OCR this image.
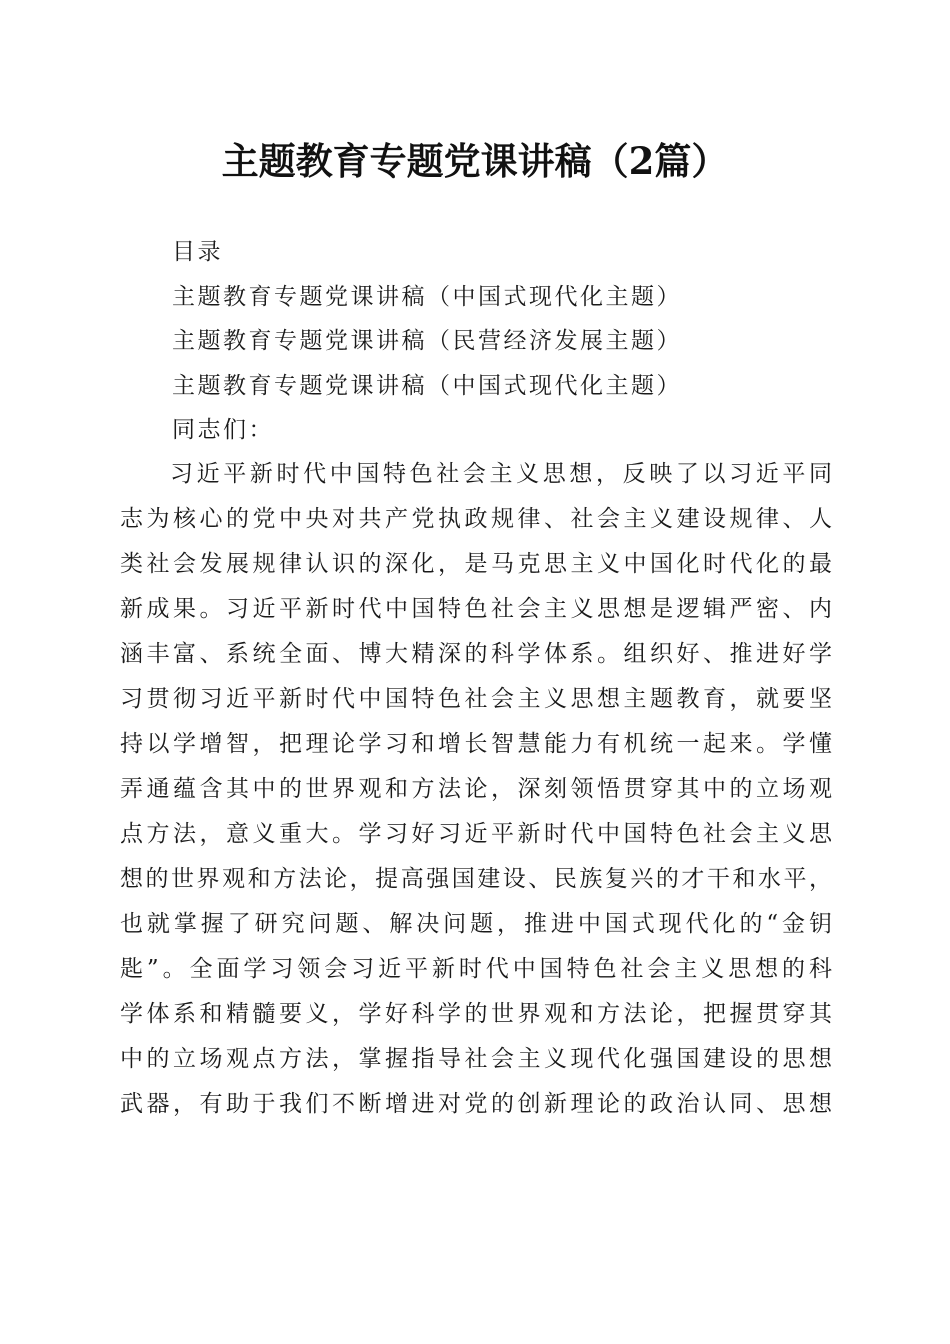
主题教育专题党课讲稿（2篇）
目录
主题教育专题党课讲稿（中国式现代化主题）
主题教育专题党课讲稿（民营经济发展主题）
主题教育专题党课讲稿（中国式现代化主题）
同志们：
习近平新时代中国特色社会主义思想，反映了以习近平同
志为核心的党中央对共产党执政规律、社会主义建设规律、人
类社会发展规律认识的深化，是马克思主义中国化时代化的最
新成果。习近平新时代中国特色社会主义思想是逻辑严密、内
涵丰富、系统全面、博大精深的科学体系。组织好、推进好学
习贯彻习近平新时代中国特色社会主义思想主题教育，就要坚
持以学增智，把理论学习和增长智慧能力有机统一起来。学懂
弄通蕴含其中的世界观和方法论，深刻领悟贯穿其中的立场观
点方法，意义重大。学习好习近平新时代中国特色社会主义思
想的世界观和方法论，提高强国建设、民族复兴的才干和水平，
也就掌握了研究问题、解决问题，推进中国式现代化的“金钥
匙”。全面学习领会习近平新时代中国特色社会主义思想的科
学体系和精髓要义，学好科学的世界观和方法论，把握贯穿其
中的立场观点方法，掌握指导社会主义现代化强国建设的思想
武器，有助于我们不断增进对党的创新理论的政治认同、思想
